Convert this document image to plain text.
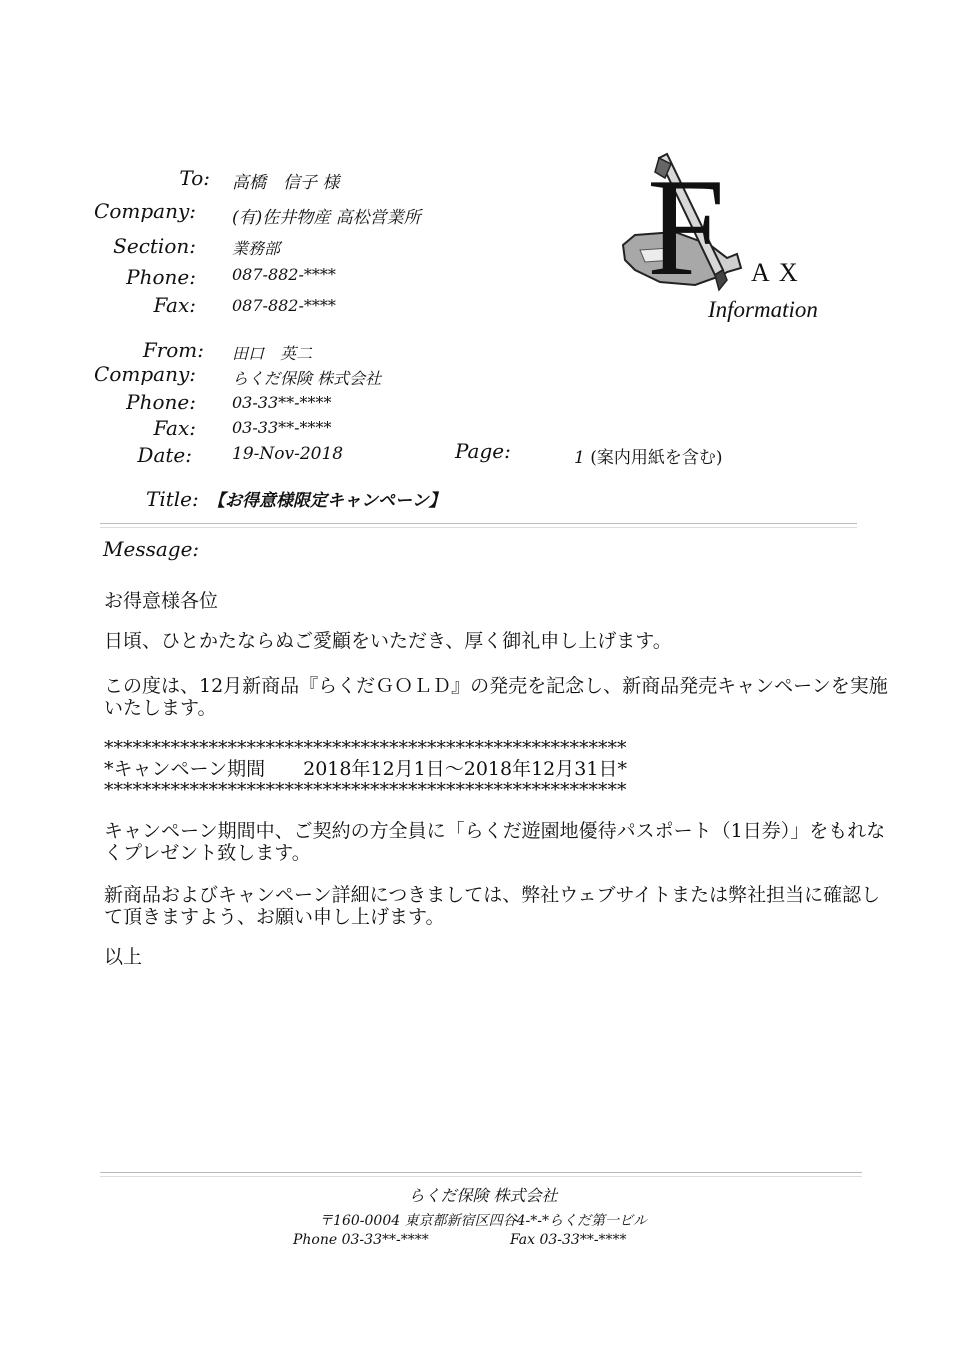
To: 高橋　信子 様
Company: (有)佐井物産 高松営業所
Section: 業務部
Phone: 087-882-****
Fax: 087-882-****
From: 田口　英二
Company: らくだ保険 株式会社
Phone: 03-33**-****
Fax: 03-33**-****
Date: 19-Nov-2018	Page:	1 (案内用紙を含む)
Title: 【お得意様限定キャンペーン】
F A X
Information
Message:
お得意様各位
日頃、ひとかたならぬご愛顧をいただき、厚く御礼申し上げます。
この度は、12月新商品『らくだＧＯＬＤ』の発売を記念し、新商品発売キャンペーンを実施いたします。
*******************************************************
*キャンペーン期間　　2018年12月1日〜2018年12月31日*
*******************************************************
キャンペーン期間中、ご契約の方全員に「らくだ遊園地優待パスポート（1日券）」をもれなくプレゼント致します。
新商品およびキャンペーン詳細につきましては、弊社ウェブサイトまたは弊社担当に確認して頂きますよう、お願い申し上げます。
以上
らくだ保険 株式会社
〒160-0004 東京都新宿区四谷4-*-*らくだ第一ビル
Phone 03-33**-****	Fax 03-33**-****
